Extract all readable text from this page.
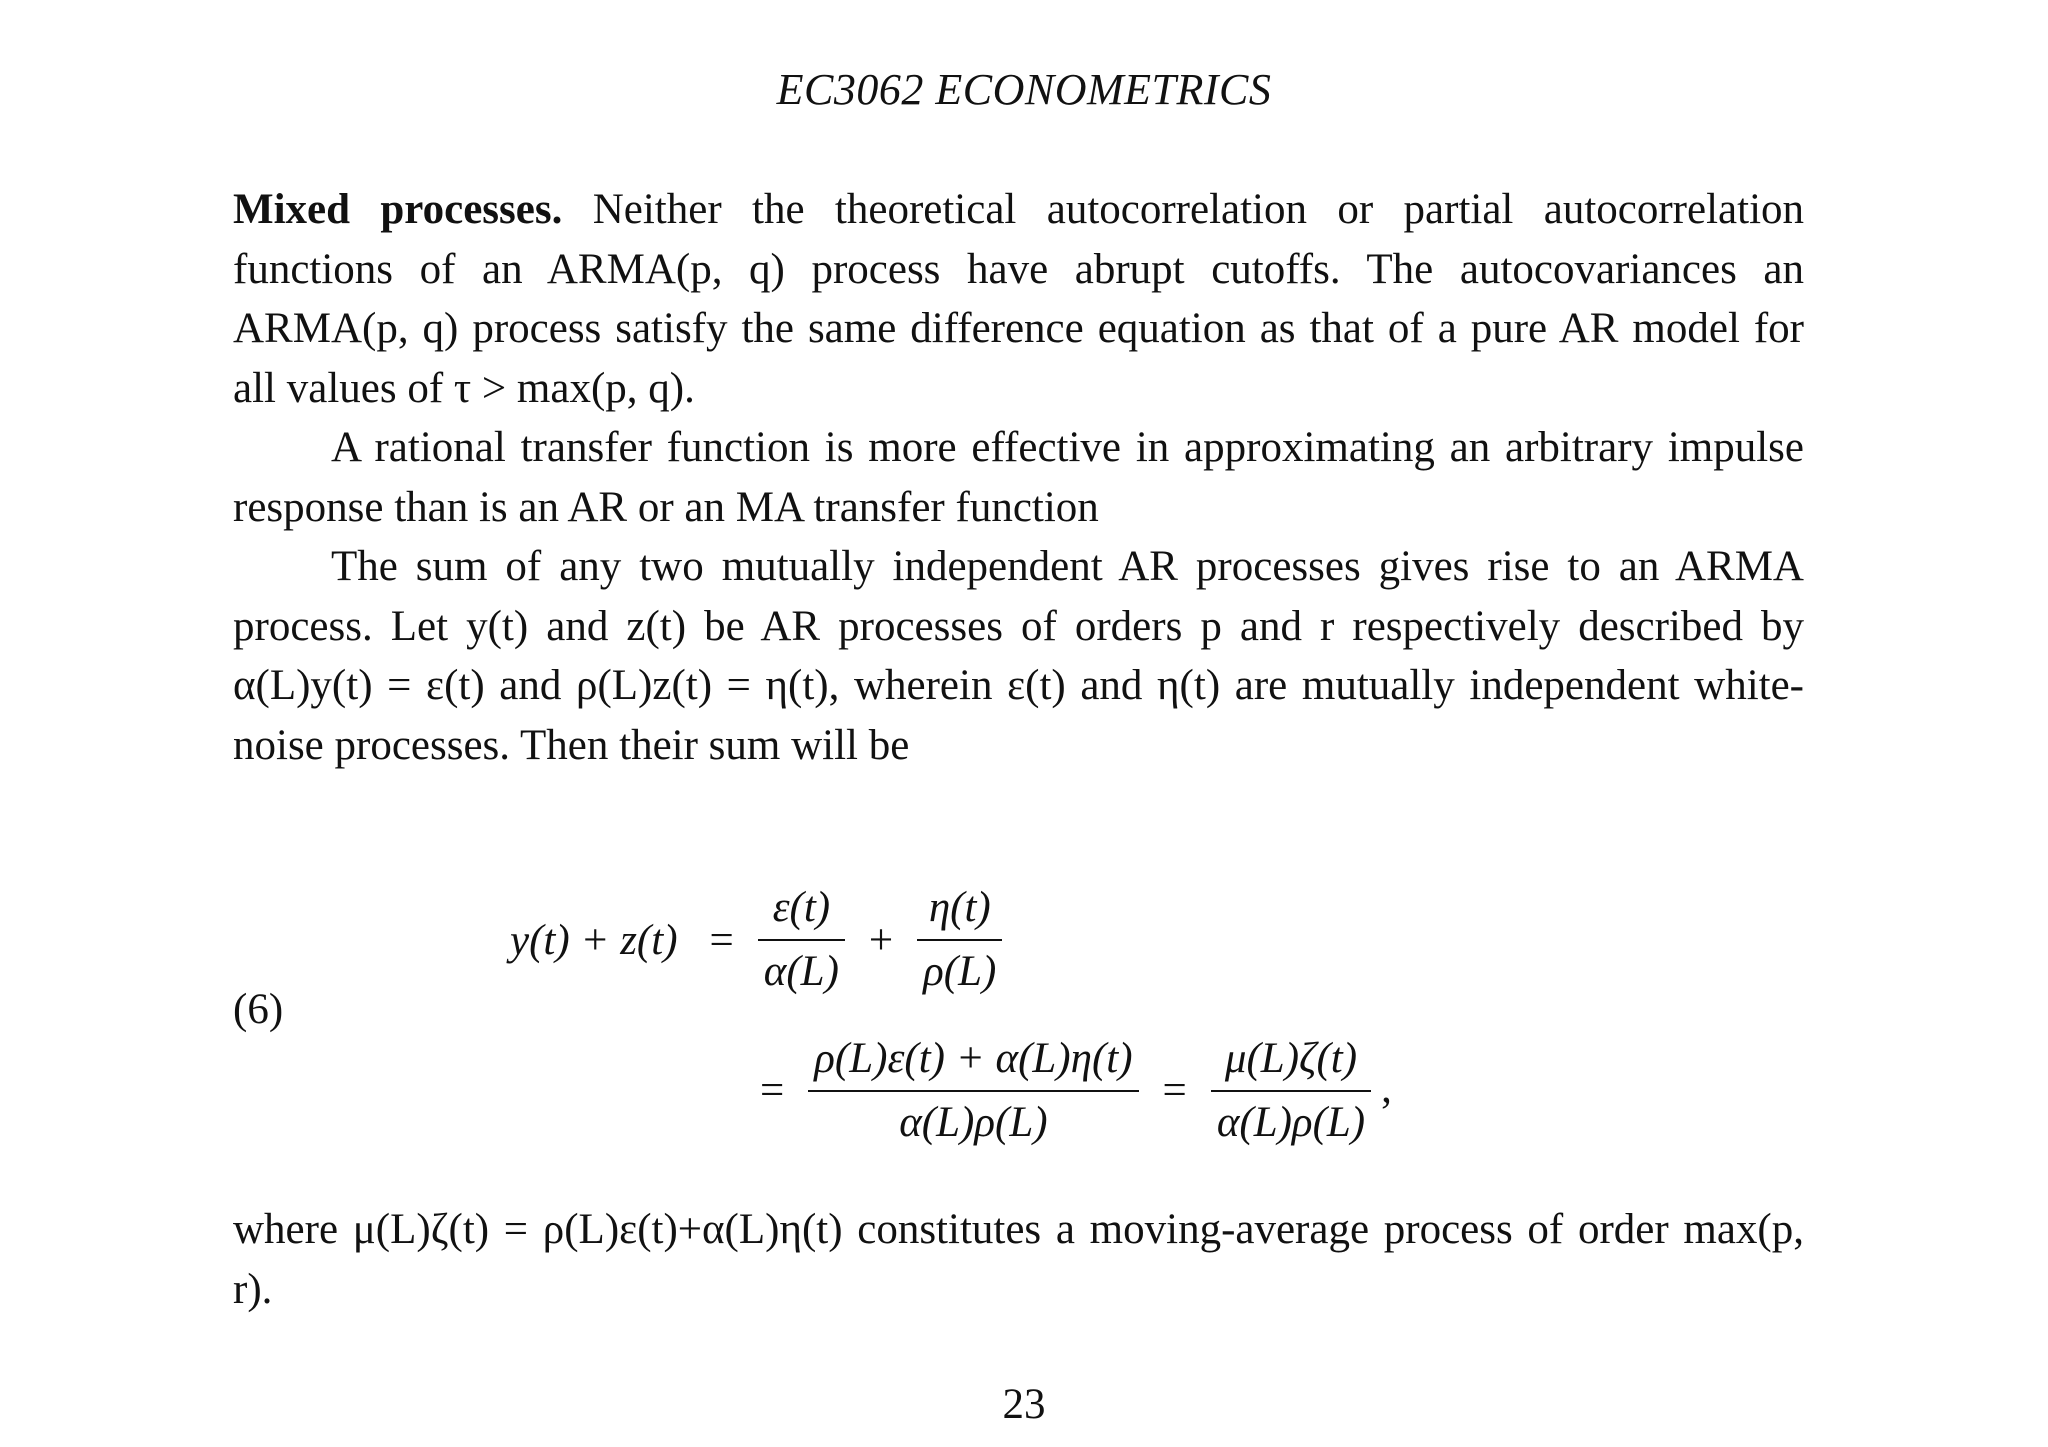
EC3062 ECONOMETRICS

Mixed processes. Neither the theoretical autocorrelation or partial autocorrelation functions of an ARMA(p, q) process have abrupt cutoffs. The autocovariances an ARMA(p, q) process satisfy the same difference equation as that of a pure AR model for all values of τ > max(p, q).

A rational transfer function is more effective in approximating an arbitrary impulse response than is an AR or an MA transfer function

The sum of any two mutually independent AR processes gives rise to an ARMA process. Let y(t) and z(t) be AR processes of orders p and r respectively described by α(L)y(t) = ε(t) and ρ(L)z(t) = η(t), wherein ε(t) and η(t) are mutually independent white-noise processes. Then their sum will be

(6)
$y(t) + z(t) = \frac{\varepsilon(t)}{\alpha(L)} + \frac{\eta(t)}{\rho(L)}$
= $\frac{\rho(L)\varepsilon(t) + \alpha(L)\eta(t)}{\alpha(L)\rho(L)} = \frac{\mu(L)\zeta(t)}{\alpha(L)\rho(L)}$ ,

where μ(L)ζ(t) = ρ(L)ε(t)+α(L)η(t) constitutes a moving-average process of order max(p, r).

23
